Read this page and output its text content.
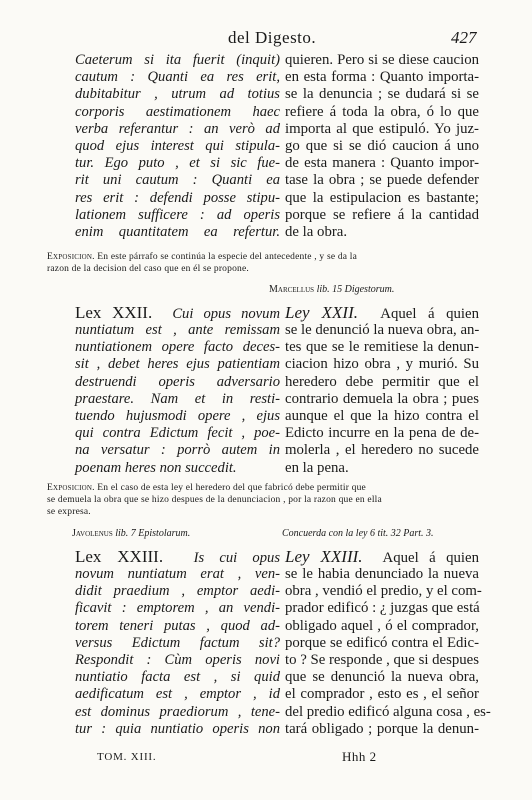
del Digesto.	427
Caeterum si ita fuerit (inquit)
cautum : Quanti ea res erit,
dubitabitur , utrum ad totius
corporis aestimationem haec
verba referantur : an verò ad
quod ejus interest qui stipula-
tur. Ego puto , et si sic fue-
rit uni cautum : Quanti ea
res erit : defendi posse stipu-
lationem sufficere : ad operis
enim quantitatem ea refertur.
quieren. Pero si se diese caucion
en esta forma : Quanto importa-
se la denuncia ; se dudará si se
refiere á toda la obra, ó lo que
importa al que estipuló. Yo juz-
go que si se dió caucion á uno
de esta manera : Quanto impor-
tase la obra ; se puede defender
que la estipulacion es bastante;
porque se refiere á la cantidad
de la obra.
Exposicion. En este párrafo se continúa la especie del antecedente , y se da la
razon de la decision del caso que en él se propone.
Marcellus lib. 15 Digestorum.
Lex XXII. Cui opus novum
nuntiatum est , ante remissam
nuntiationem opere facto deces-
sit , debet heres ejus patientiam
destruendi operis adversario
praestare. Nam et in resti-
tuendo hujusmodi opere , ejus
qui contra Edictum fecit , poe-
na versatur : porrò autem in
poenam heres non succedit.
Ley XXII. Aquel á quien
se le denunció la nueva obra, an-
tes que se le remitiese la denun-
ciacion hizo obra , y murió. Su
heredero debe permitir que el
contrario demuela la obra ; pues
aunque el que la hizo contra el
Edicto incurre en la pena de de-
molerla , el heredero no sucede
en la pena.
Exposicion. En el caso de esta ley el heredero del que fabricó debe permitir que
se demuela la obra que se hizo despues de la denunciacion , por la razon que en ella
se expresa.
Javolenus lib. 7 Epistolarum.	Concuerda con la ley 6 tit. 32 Part. 3.
Lex XXIII. Is cui opus
novum nuntiatum erat , ven-
didit praedium , emptor aedi-
ficavit : emptorem , an vendi-
torem teneri putas , quod ad-
versus Edictum factum sit?
Respondit : Cùm operis novi
nuntiatio facta est , si quid
aedificatum est , emptor , id
est dominus praediorum , tene-
tur : quia nuntiatio operis non
Ley XXIII. Aquel á quien
se le habia denunciado la nueva
obra , vendió el predio, y el com-
prador edificó : ¿ juzgas que está
obligado aquel , ó el comprador,
porque se edificó contra el Edic-
to ? Se responde , que si despues
que se denunció la nueva obra,
el comprador , esto es , el señor
del predio edificó alguna cosa , es-
tará obligado ; porque la denun-
TOM. XIII.	Hhh 2
